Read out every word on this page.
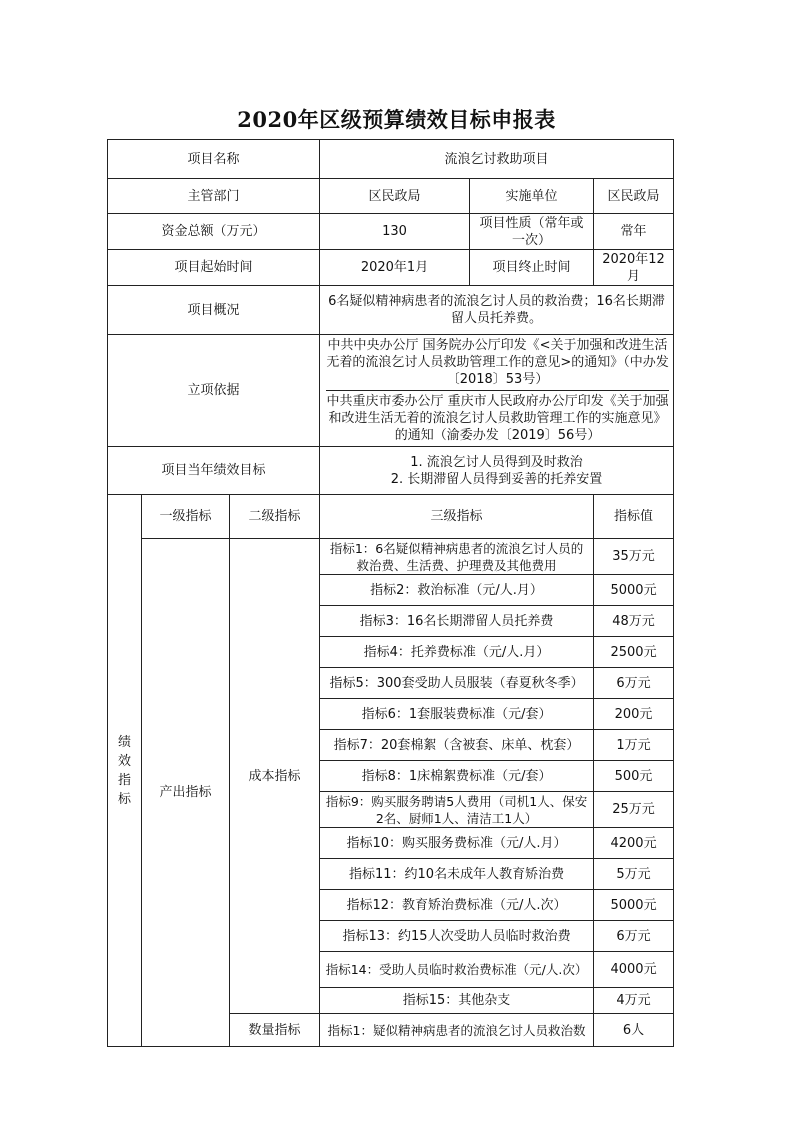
2020年区级预算绩效目标申报表
项目名称			流浪乞讨救助项目		
主管部门			区民政局	实施单位	区民政局
资金总额（万元）			130	项目性质（常年或一次）	常年
项目起始时间			2020年1月	项目终止时间	2020年12月
项目概况			6名疑似精神病患者的流浪乞讨人员的救治费；16名长期滞留人员托养费。		
立项依据			中共中央办公厅 国务院办公厅印发《<关于加强和改进生活无着的流浪乞讨人员救助管理工作的意见>的通知》（中办发〔2018〕53号）
中共重庆市委办公厅 重庆市人民政府办公厅印发《关于加强和改进生活无着的流浪乞讨人员救助管理工作的实施意见》的通知（渝委办发〔2019〕56号）		

项目当年绩效目标			1. 流浪乞讨人员得到及时救治
2. 长期滞留人员得到妥善的托养安置		

绩效指标	一级指标	二级指标	三级指标		指标值
	产出指标	成本指标	指标1：6名疑似精神病患者的流浪乞讨人员的救治费、生活费、护理费及其他费用		35万元
			指标2：救治标准（元/人.月）		5000元
			指标3：16名长期滞留人员托养费		48万元
			指标4：托养费标准（元/人.月）		2500元
			指标5：300套受助人员服装（春夏秋冬季）		6万元
			指标6：1套服装费标准（元/套）		200元
			指标7：20套棉絮（含被套、床单、枕套）		1万元
			指标8：1床棉絮费标准（元/套）		500元
			指标9：购买服务聘请5人费用（司机1人、保安2名、厨师1人、清洁工1人）		25万元
			指标10：购买服务费标准（元/人.月）		4200元
			指标11：约10名未成年人教育矫治费		5万元
			指标12：教育矫治费标准（元/人.次）		5000元
			指标13：约15人次受助人员临时救治费		6万元
			指标14：受助人员临时救治费标准（元/人.次）		4000元
			指标15：其他杂支		4万元
		数量指标	指标1：疑似精神病患者的流浪乞讨人员救治数		6人
